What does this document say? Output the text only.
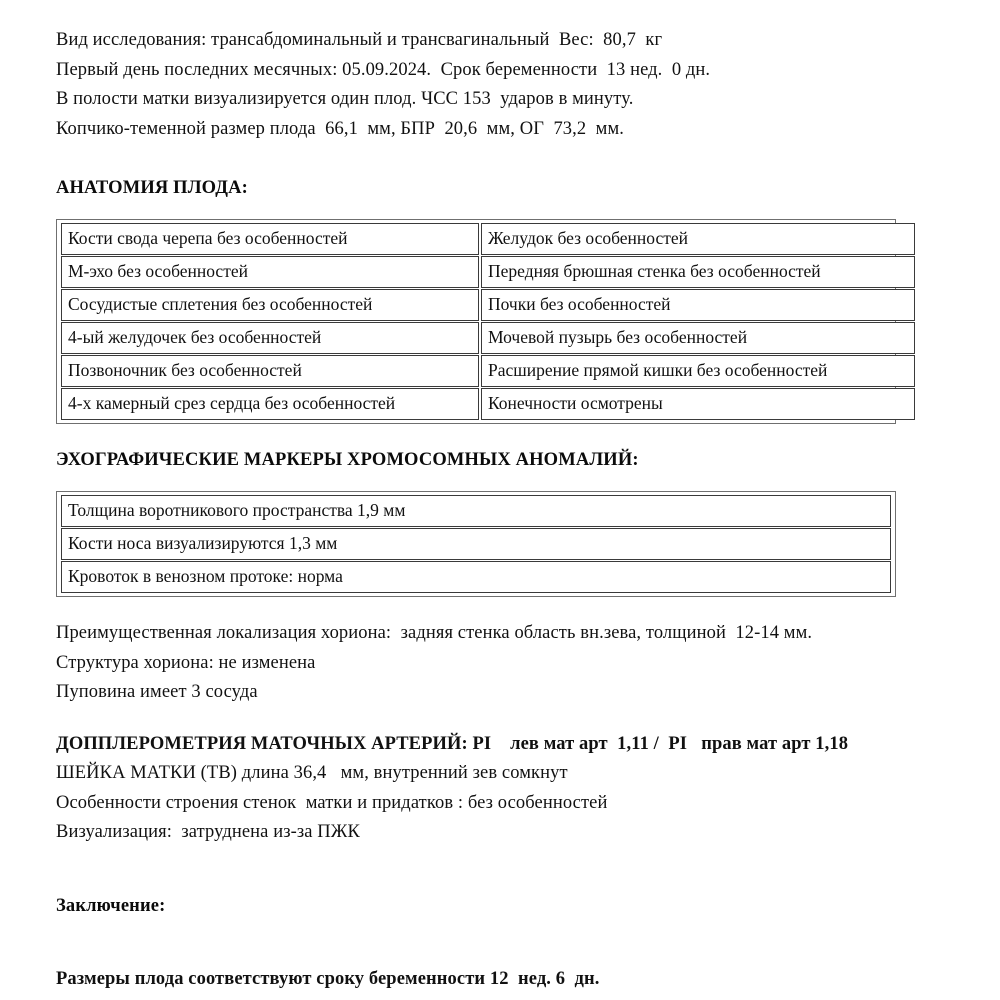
Вид исследования: трансабдоминальный и трансвагинальный  Вес:  80,7  кг
Первый день последних месячных: 05.09.2024.  Срок беременности  13 нед.  0 дн.
В полости матки визуализируется один плод. ЧСС 153  ударов в минуту.
Копчико-теменной размер плода  66,1  мм, БПР  20,6  мм, ОГ  73,2  мм.
АНАТОМИЯ ПЛОДА:
Кости свода черепа без особенностей	Желудок без особенностей
М-эхо без особенностей	Передняя брюшная стенка без особенностей
Сосудистые сплетения без особенностей	Почки без особенностей
4-ый желудочек без особенностей	Мочевой пузырь без особенностей
Позвоночник без особенностей	Расширение прямой кишки без особенностей
4-х камерный срез сердца без особенностей	Конечности осмотрены
ЭХОГРАФИЧЕСКИЕ МАРКЕРЫ ХРОМОСОМНЫХ АНОМАЛИЙ:
Толщина воротникового пространства 1,9 мм
Кости носа визуализируются 1,3 мм
Кровоток в венозном протоке: норма
Преимущественная локализация хориона:  задняя стенка область вн.зева, толщиной  12-14 мм.
Структура хориона: не изменена
Пуповина имеет 3 сосуда
ДОППЛЕРОМЕТРИЯ МАТОЧНЫХ АРТЕРИЙ: PI    лев мат арт  1,11 /  PI   прав мат арт 1,18
ШЕЙКА МАТКИ (ТВ) длина 36,4   мм, внутренний зев сомкнут
Особенности строения стенок  матки и придатков : без особенностей
Визуализация:  затруднена из-за ПЖК
Заключение:
Размеры плода соответствуют сроку беременности 12  нед. 6  дн.
